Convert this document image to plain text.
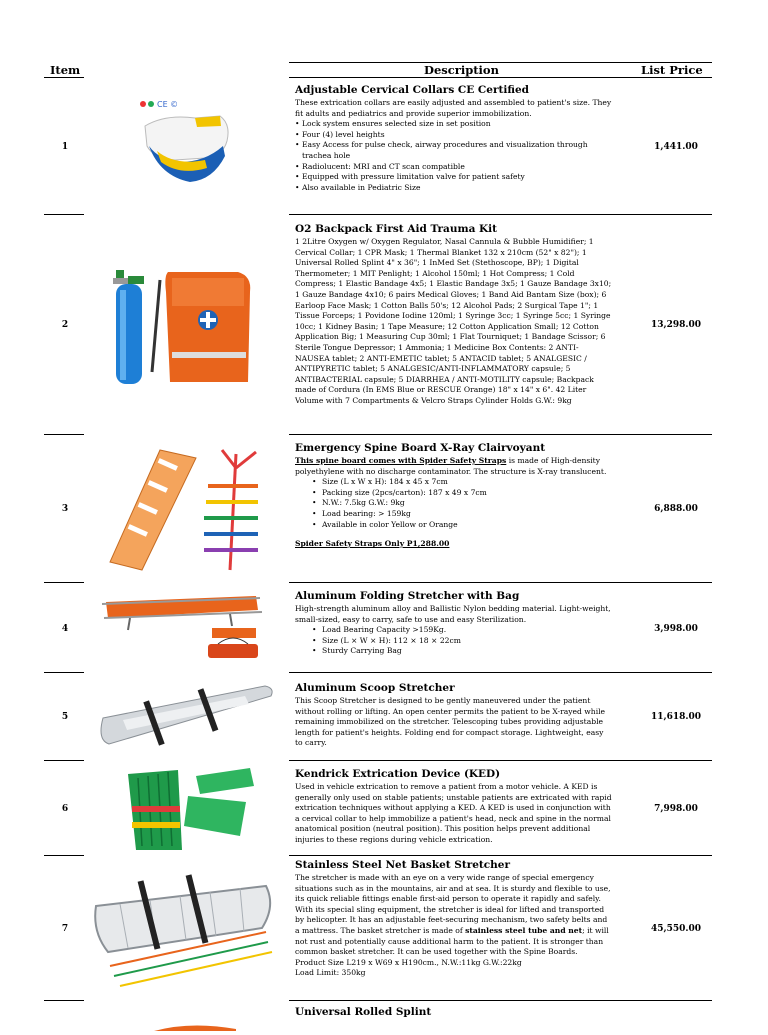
Item	Description	List Price
1
CE ©
Adjustable Cervical Collars CE Certified
These extrication collars are easily adjusted and assembled to patient's size. They fit adults and pediatrics and provide superior immobilization.
• Lock system ensures selected size in set position
• Four (4) level heights
• Easy Access for pulse check, airway procedures and visualization through trachea hole
• Radiolucent: MRI and CT scan compatible
• Equipped with pressure limitation valve for patient safety
• Also available in Pediatric Size
1,441.00
2
O2 Backpack First Aid Trauma Kit
1 2Litre Oxygen w/ Oxygen Regulator, Nasal Cannula & Bubble Humidifier; 1 Cervical Collar; 1 CPR Mask; 1 Thermal Blanket 132 x 210cm (52" x 82"); 1 Universal Rolled Splint 4" x 36"; 1 InMed Set (Stethoscope, BP); 1 Digital Thermometer; 1 MIT Penlight; 1 Alcohol 150ml; 1 Hot Compress; 1 Cold Compress; 1 Elastic Bandage 4x5; 1 Elastic Bandage 3x5; 1 Gauze Bandage 3x10; 1 Gauze Bandage 4x10; 6 pairs Medical Gloves; 1 Band Aid Bantam Size (box); 6 Earloop Face Mask; 1 Cotton Balls 50's; 12 Alcohol Pads; 2 Surgical Tape 1"; 1 Tissue Forceps; 1 Povidone Iodine 120ml; 1 Syringe 3cc; 1 Syringe 5cc; 1 Syringe 10cc; 1 Kidney Basin; 1 Tape Measure; 12 Cotton Application Small; 12 Cotton Application Big; 1 Measuring Cup 30ml; 1 Flat Tourniquet; 1 Bandage Scissor; 6 Sterile Tongue Depressor; 1 Ammonia; 1 Medicine Box Contents: 2 ANTI-NAUSEA tablet; 2 ANTI-EMETIC tablet; 5 ANTACID tablet; 5 ANALGESIC / ANTIPYRETIC tablet; 5 ANALGESIC/ANTI-INFLAMMATORY capsule; 5 ANTIBACTERIAL capsule; 5 DIARRHEA / ANTI-MOTILITY capsule; Backpack made of Cordura (In EMS Blue or RESCUE Orange) 18" x 14" x 6". 42 Liter Volume with 7 Compartments & Velcro Straps Cylinder Holds G.W.: 9kg
13,298.00
3
Emergency Spine Board X-Ray Clairvoyant
This spine board comes with Spider Safety Straps is made of High-density polyethylene with no discharge contaminator. The structure is X-ray translucent.
• Size (L x W x H): 184 x 45 x 7cm
• Packing size (2pcs/carton): 187 x 49 x 7cm
• N.W.: 7.5kg G.W.: 9kg
• Load bearing: > 159kg
• Available in color Yellow or Orange
Spider Safety Straps Only P1,288.00
6,888.00
4
Aluminum Folding Stretcher with Bag
High-strength aluminum alloy and Ballistic Nylon bedding material. Light-weight, small-sized, easy to carry, safe to use and easy Sterilization.
• Load Bearing Capacity >159Kg.
• Size (L × W × H): 112 × 18 × 22cm
• Sturdy Carrying Bag
3,998.00
5
Aluminum Scoop Stretcher
This Scoop Stretcher is designed to be gently maneuvered under the patient without rolling or lifting. An open center permits the patient to be X-rayed while remaining immobilized on the stretcher. Telescoping tubes providing adjustable length for patient's heights. Folding end for compact storage. Lightweight, easy to carry.
11,618.00
6
Kendrick Extrication Device (KED)
Used in vehicle extrication to remove a patient from a motor vehicle. A KED is generally only used on stable patients; unstable patients are extricated with rapid extrication techniques without applying a KED. A KED is used in conjunction with a cervical collar to help immobilize a patient's head, neck and spine in the normal anatomical position (neutral position). This position helps prevent additional injuries to these regions during vehicle extrication.
7,998.00
7
Stainless Steel Net Basket Stretcher
The stretcher is made with an eye on a very wide range of special emergency situations such as in the mountains, air and at sea. It is sturdy and flexible to use, its quick reliable fittings enable first-aid person to operate it rapidly and safely. With its special sling equipment, the stretcher is ideal for lifted and transported by helicopter. It has an adjustable feet-securing mechanism, two safety belts and a mattress. The basket stretcher is made of stainless steel tube and net; it will not rust and potentially cause additional harm to the patient. It is stronger than common basket stretcher. It can be used together with the Spine Boards.
Product Size L219 x W69 x H190cm., N.W.:11kg G.W.:22kg
Load Limit: 350kg
45,550.00
Universal Rolled Splint
